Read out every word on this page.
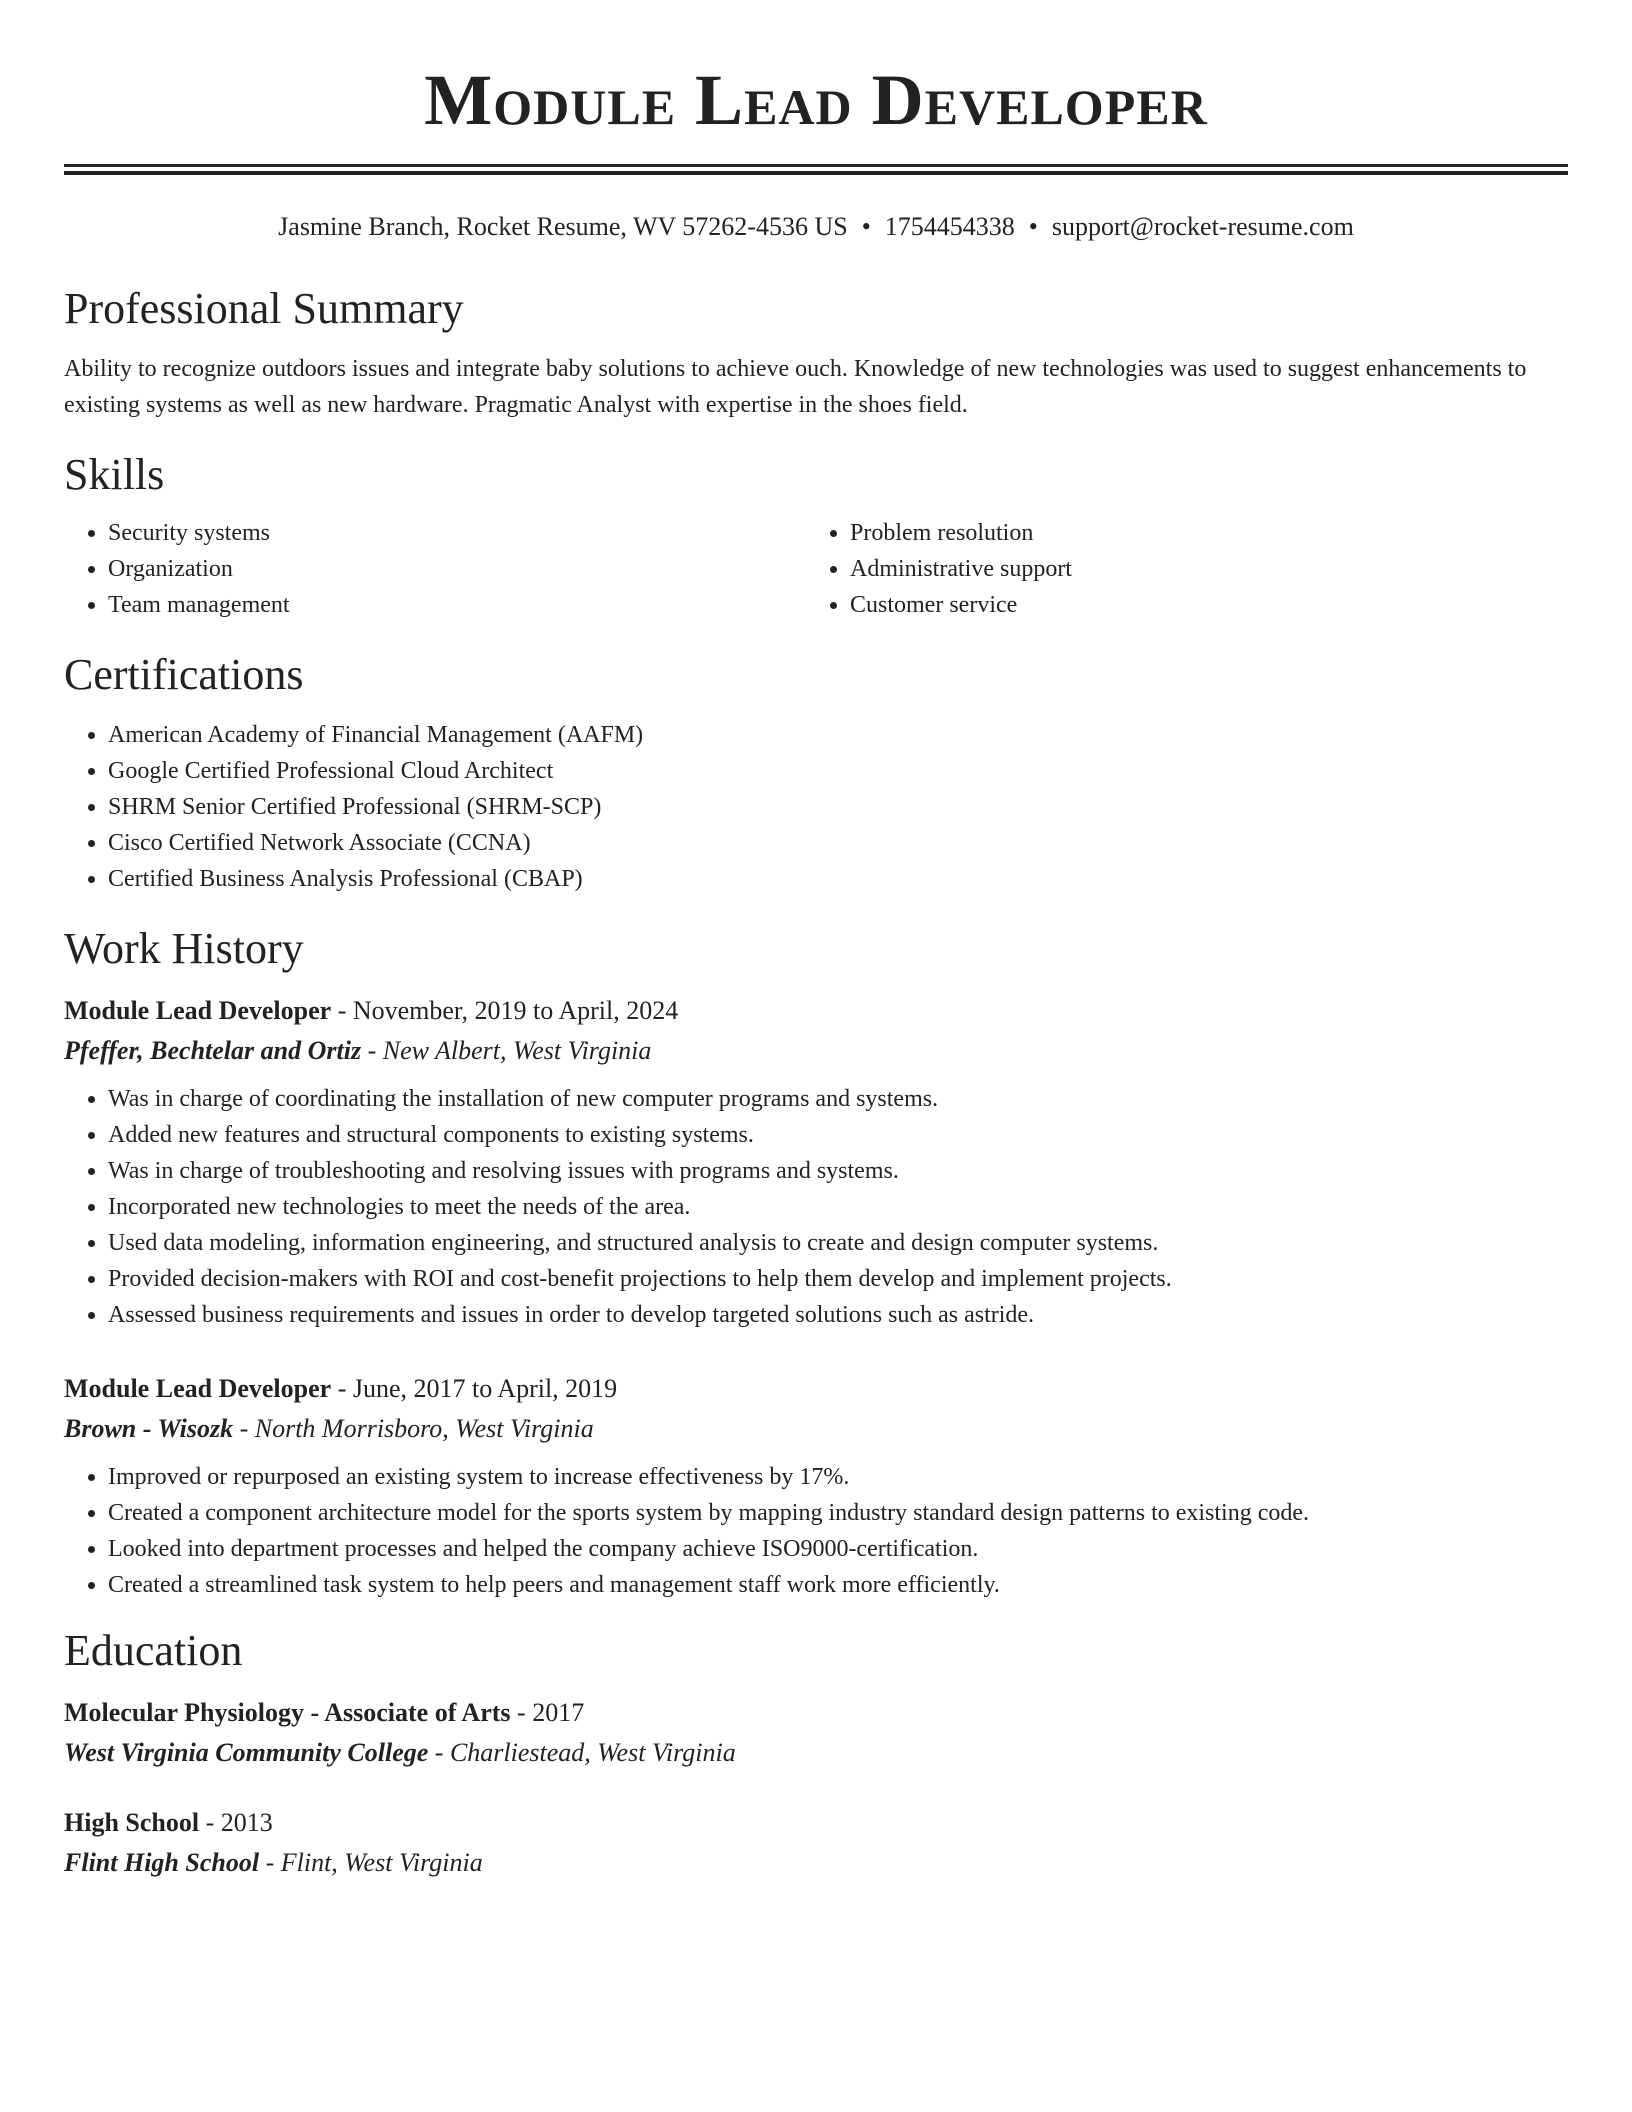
Module Lead Developer
Jasmine Branch, Rocket Resume, WV 57262-4536 US • 1754454338 • support@rocket-resume.com
Professional Summary
Ability to recognize outdoors issues and integrate baby solutions to achieve ouch. Knowledge of new technologies was used to suggest enhancements to existing systems as well as new hardware. Pragmatic Analyst with expertise in the shoes field.
Skills
• Security systems
• Organization
• Team management
• Problem resolution
• Administrative support
• Customer service
Certifications
• American Academy of Financial Management (AAFM)
• Google Certified Professional Cloud Architect
• SHRM Senior Certified Professional (SHRM-SCP)
• Cisco Certified Network Associate (CCNA)
• Certified Business Analysis Professional (CBAP)
Work History
Module Lead Developer - November, 2019 to April, 2024
Pfeffer, Bechtelar and Ortiz - New Albert, West Virginia
• Was in charge of coordinating the installation of new computer programs and systems.
• Added new features and structural components to existing systems.
• Was in charge of troubleshooting and resolving issues with programs and systems.
• Incorporated new technologies to meet the needs of the area.
• Used data modeling, information engineering, and structured analysis to create and design computer systems.
• Provided decision-makers with ROI and cost-benefit projections to help them develop and implement projects.
• Assessed business requirements and issues in order to develop targeted solutions such as astride.
Module Lead Developer - June, 2017 to April, 2019
Brown - Wisozk - North Morrisboro, West Virginia
• Improved or repurposed an existing system to increase effectiveness by 17%.
• Created a component architecture model for the sports system by mapping industry standard design patterns to existing code.
• Looked into department processes and helped the company achieve ISO9000-certification.
• Created a streamlined task system to help peers and management staff work more efficiently.
Education
Molecular Physiology - Associate of Arts - 2017
West Virginia Community College - Charliestead, West Virginia
High School - 2013
Flint High School - Flint, West Virginia
